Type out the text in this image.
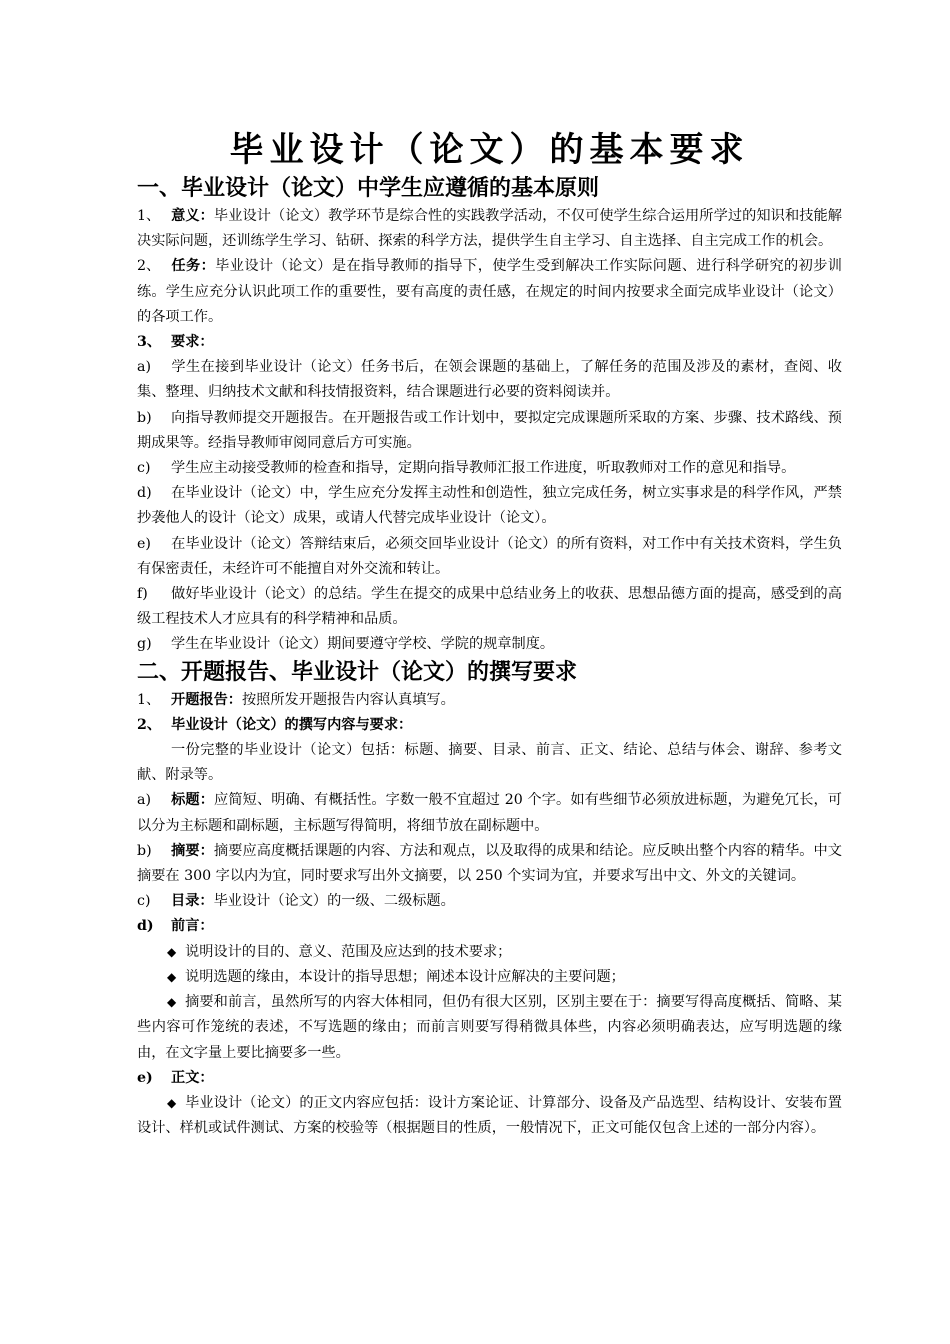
毕业设计（论文）的基本要求
一、毕业设计（论文）中学生应遵循的基本原则

1、 意义：毕业设计（论文）教学环节是综合性的实践教学活动，不仅可使学生综合运用所学过的知识和技能解决实际问题，还训练学生学习、钻研、探索的科学方法，提供学生自主学习、自主选择、自主完成工作的机会。

2、 任务：毕业设计（论文）是在指导教师的指导下，使学生受到解决工作实际问题、进行科学研究的初步训练。学生应充分认识此项工作的重要性，要有高度的责任感，在规定的时间内按要求全面完成毕业设计（论文）的各项工作。

3、 要求：

a) 学生在接到毕业设计（论文）任务书后，在领会课题的基础上，了解任务的范围及涉及的素材，查阅、收集、整理、归纳技术文献和科技情报资料，结合课题进行必要的资料阅读并。

b) 向指导教师提交开题报告。在开题报告或工作计划中，要拟定完成课题所采取的方案、步骤、技术路线、预期成果等。经指导教师审阅同意后方可实施。

c) 学生应主动接受教师的检查和指导，定期向指导教师汇报工作进度，听取教师对工作的意见和指导。

d) 在毕业设计（论文）中，学生应充分发挥主动性和创造性，独立完成任务，树立实事求是的科学作风，严禁抄袭他人的设计（论文）成果，或请人代替完成毕业设计（论文）。

e) 在毕业设计（论文）答辩结束后，必须交回毕业设计（论文）的所有资料，对工作中有关技术资料，学生负有保密责任，未经许可不能擅自对外交流和转让。

f) 做好毕业设计（论文）的总结。学生在提交的成果中总结业务上的收获、思想品德方面的提高，感受到的高级工程技术人才应具有的科学精神和品质。

g) 学生在毕业设计（论文）期间要遵守学校、学院的规章制度。

二、开题报告、毕业设计（论文）的撰写要求

1、 开题报告：按照所发开题报告内容认真填写。

2、 毕业设计（论文）的撰写内容与要求：

一份完整的毕业设计（论文）包括：标题、摘要、目录、前言、正文、结论、总结与体会、谢辞、参考文献、附录等。

a) 标题：应简短、明确、有概括性。字数一般不宜超过 20 个字。如有些细节必须放进标题，为避免冗长，可以分为主标题和副标题，主标题写得简明，将细节放在副标题中。

b) 摘要：摘要应高度概括课题的内容、方法和观点，以及取得的成果和结论。应反映出整个内容的精华。中文摘要在 300 字以内为宜，同时要求写出外文摘要，以 250 个实词为宜，并要求写出中文、外文的关键词。

c) 目录：毕业设计（论文）的一级、二级标题。

d) 前言：

◆ 说明设计的目的、意义、范围及应达到的技术要求；

◆ 说明选题的缘由，本设计的指导思想；阐述本设计应解决的主要问题；

◆ 摘要和前言，虽然所写的内容大体相同，但仍有很大区别，区别主要在于：摘要写得高度概括、简略、某些内容可作笼统的表述，不写选题的缘由；而前言则要写得稍微具体些，内容必须明确表达，应写明选题的缘由，在文字量上要比摘要多一些。

e) 正文：

◆ 毕业设计（论文）的正文内容应包括：设计方案论证、计算部分、设备及产品选型、结构设计、安装布置设计、样机或试件测试、方案的校验等（根据题目的性质，一般情况下，正文可能仅包含上述的一部分内容）。
